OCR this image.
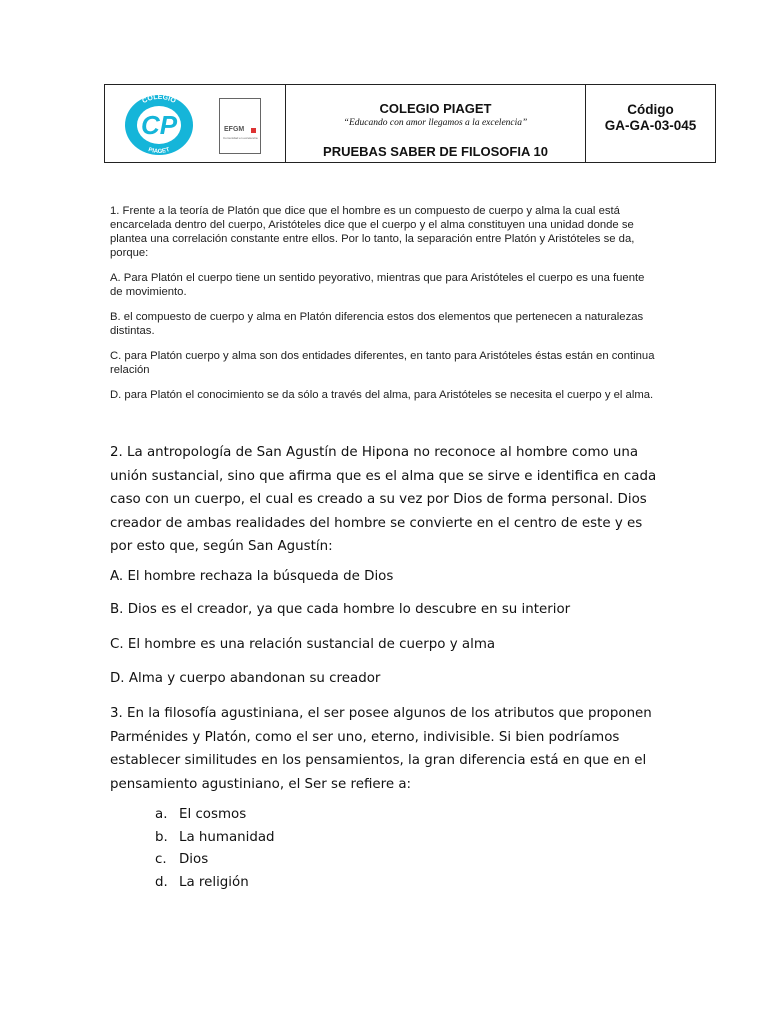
COLEGIO
PIAGET
CP	EFGM
Comunidad en excelencia
COLEGIO PIAGET
“Educando con amor llegamos a la excelencia”
PRUEBAS SABER DE FILOSOFIA 10
Código
GA-GA-03-045

1. Frente a la teoría de Platón que dice que el hombre es un compuesto de cuerpo y alma la cual está encarcelada dentro del cuerpo, Aristóteles dice que el cuerpo y el alma constituyen una unidad donde se plantea una correlación constante entre ellos. Por lo tanto, la separación entre Platón y Aristóteles se da, porque:

A. Para Platón el cuerpo tiene un sentido peyorativo, mientras que para Aristóteles el cuerpo es una fuente de movimiento.

B. el compuesto de cuerpo y alma en Platón diferencia estos dos elementos que pertenecen a naturalezas distintas.

C. para Platón cuerpo y alma son dos entidades diferentes, en tanto para Aristóteles éstas están en continua relación

D. para Platón el conocimiento se da sólo a través del alma, para Aristóteles se necesita el cuerpo y el alma.

2. La antropología de San Agustín de Hipona no reconoce al hombre como una unión sustancial, sino que afirma que es el alma que se sirve e identifica en cada caso con un cuerpo, el cual es creado a su vez por Dios de forma personal. Dios creador de ambas realidades del hombre se convierte en el centro de este y es por esto que, según San Agustín:

A. El hombre rechaza la búsqueda de Dios

B. Dios es el creador, ya que cada hombre lo descubre en su interior

C. El hombre es una relación sustancial de cuerpo y alma

D. Alma y cuerpo abandonan su creador

3. En la filosofía agustiniana, el ser posee algunos de los atributos que proponen Parménides y Platón, como el ser uno, eterno, indivisible. Si bien podríamos establecer similitudes en los pensamientos, la gran diferencia está en que en el pensamiento agustiniano, el Ser se refiere a:

a. El cosmos
b. La humanidad
c. Dios
d. La religión
